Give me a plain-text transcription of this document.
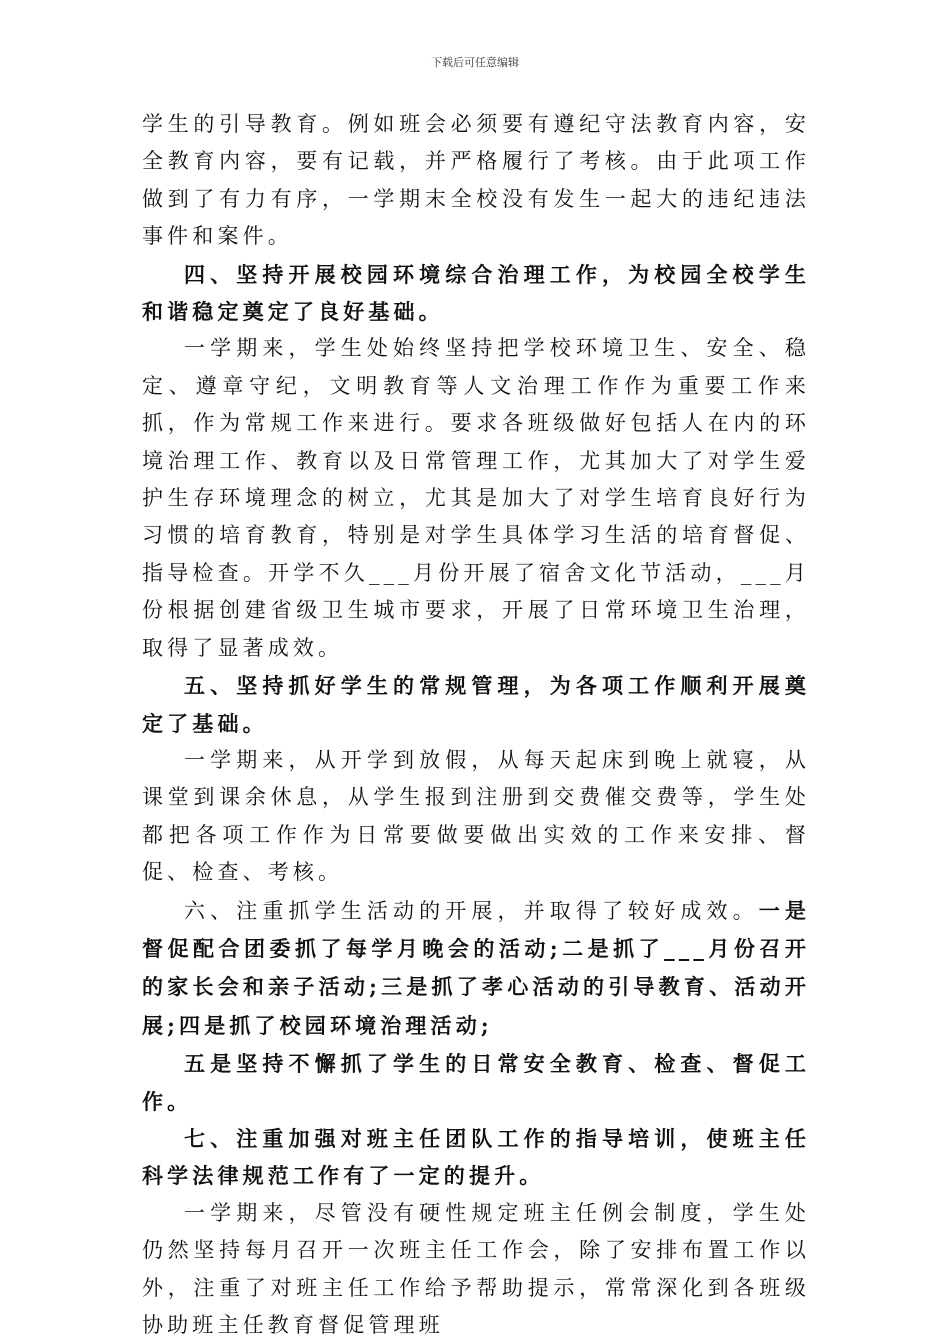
下载后可任意编辑

学生的引导教育。例如班会必须要有遵纪守法教育内容，安全教育内容，要有记载，并严格履行了考核。由于此项工作做到了有力有序，一学期末全校没有发生一起大的违纪违法事件和案件。

四、坚持开展校园环境综合治理工作，为校园全校学生和谐稳定奠定了良好基础。

一学期来，学生处始终坚持把学校环境卫生、安全、稳定、遵章守纪，文明教育等人文治理工作作为重要工作来抓，作为常规工作来进行。要求各班级做好包括人在内的环境治理工作、教育以及日常管理工作，尤其加大了对学生爱护生存环境理念的树立，尤其是加大了对学生培育良好行为习惯的培育教育，特别是对学生具体学习生活的培育督促、指导检查。开学不久___月份开展了宿舍文化节活动，___月份根据创建省级卫生城市要求，开展了日常环境卫生治理，取得了显著成效。

五、坚持抓好学生的常规管理，为各项工作顺利开展奠定了基础。

一学期来，从开学到放假，从每天起床到晚上就寝，从课堂到课余休息，从学生报到注册到交费催交费等，学生处都把各项工作作为日常要做要做出实效的工作来安排、督促、检查、考核。

六、注重抓学生活动的开展，并取得了较好成效。一是督促配合团委抓了每学月晚会的活动;二是抓了___月份召开的家长会和亲子活动;三是抓了孝心活动的引导教育、活动开展;四是抓了校园环境治理活动;

五是坚持不懈抓了学生的日常安全教育、检查、督促工作。

七、注重加强对班主任团队工作的指导培训，使班主任科学法律规范工作有了一定的提升。

一学期来，尽管没有硬性规定班主任例会制度，学生处仍然坚持每月召开一次班主任工作会，除了安排布置工作以外，注重了对班主任工作给予帮助提示，常常深化到各班级协助班主任教育督促管理班
